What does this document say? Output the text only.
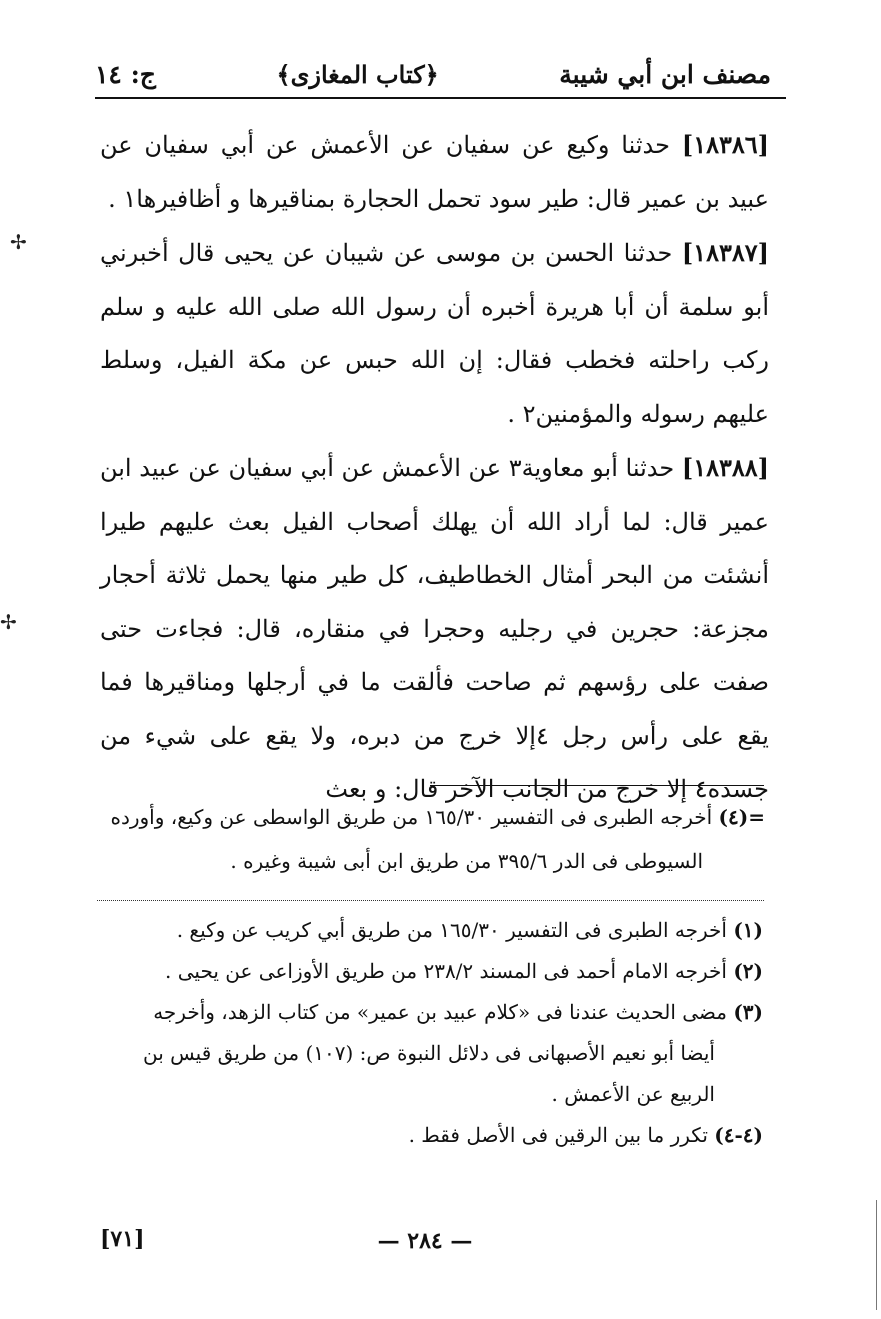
مصنف ابن أبي شيبة
﴿كتاب المغازى﴾
ج: ١٤
✢
✢

[١٨٣٨٦] حدثنا وكيع عن سفيان عن الأعمش عن أبي سفيان عن عبيد بن عمير قال: طير سود تحمل الحجارة بمناقيرها و أظافيرها١ .

[١٨٣٨٧] حدثنا الحسن بن موسى عن شيبان عن يحيى قال أخبرني أبو سلمة أن أبا هريرة أخبره أن رسول الله صلى الله عليه و سلم ركب راحلته فخطب فقال: إن الله حبس عن مكة الفيل، وسلط عليهم رسوله والمؤمنين٢ .

[١٨٣٨٨] حدثنا أبو معاوية٣ عن الأعمش عن أبي سفيان عن عبيد ابن عمير قال: لما أراد الله أن يهلك أصحاب الفيل بعث عليهم طيرا أنشئت من البحر أمثال الخطاطيف، كل طير منها يحمل ثلاثة أحجار مجزعة: حجرين في رجليه وحجرا في منقاره، قال: فجاءت حتى صفت على رؤسهم ثم صاحت فألقت ما في أرجلها ومناقيرها فما يقع على رأس رجل ٤إلا خرج من دبره، ولا يقع على شيء من جسده٤ إلا خرج من الجانب الآخر قال: و بعث

=(٤) أخرجه الطبرى فى التفسير ١٦٥/٣٠ من طريق الواسطى عن وكيع، وأورده
السيوطى فى الدر ٣٩٥/٦ من طريق ابن أبى شيبة وغيره .

(١) أخرجه الطبرى فى التفسير ١٦٥/٣٠ من طريق أبي كريب عن وكيع .

(٢) أخرجه الامام أحمد فى المسند ٢٣٨/٢ من طريق الأوزاعى عن يحيى .

(٣) مضى الحديث عندنا فى «كلام عبيد بن عمير» من كتاب الزهد، وأخرجه
أيضا أبو نعيم الأصبهانى فى دلائل النبوة ص: (١٠٧) من طريق قيس بن الربيع عن الأعمش .

(٤-٤) تكرر ما بين الرقين فى الأصل فقط .

— ٢٨٤ —
[٧١]
